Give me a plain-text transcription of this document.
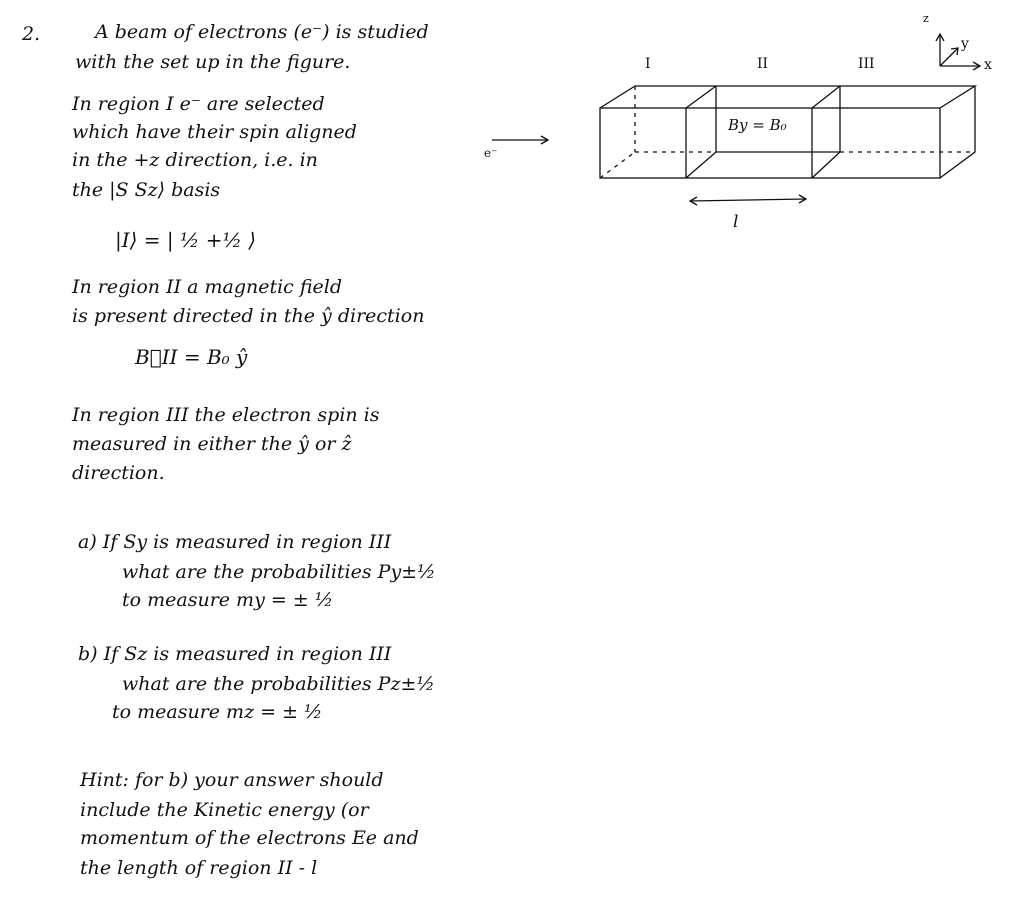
2.	A beam of electrons (e⁻) is studied
with the set up in the figure.
In region I e⁻ are selected
which have their spin aligned
in the +z direction, i.e. in
the |S Sz⟩ basis
|I⟩ = | ½ +½ ⟩
In region II a magnetic field
is present directed in the ŷ direction
B⃗II = B₀ ŷ
In region III the electron spin is
measured in either the ŷ or ẑ
direction.
a) If Sy is measured in region III
what are the probabilities Py±½
to measure my = ± ½
b) If Sz is measured in region III
what are the probabilities Pz±½
to measure mz = ± ½
Hint: for b) your answer should
include the Kinetic energy (or
momentum of the electrons Ee and
the length of region II - l
I	II	III
By = B₀
l
e⁻
z
y
x
